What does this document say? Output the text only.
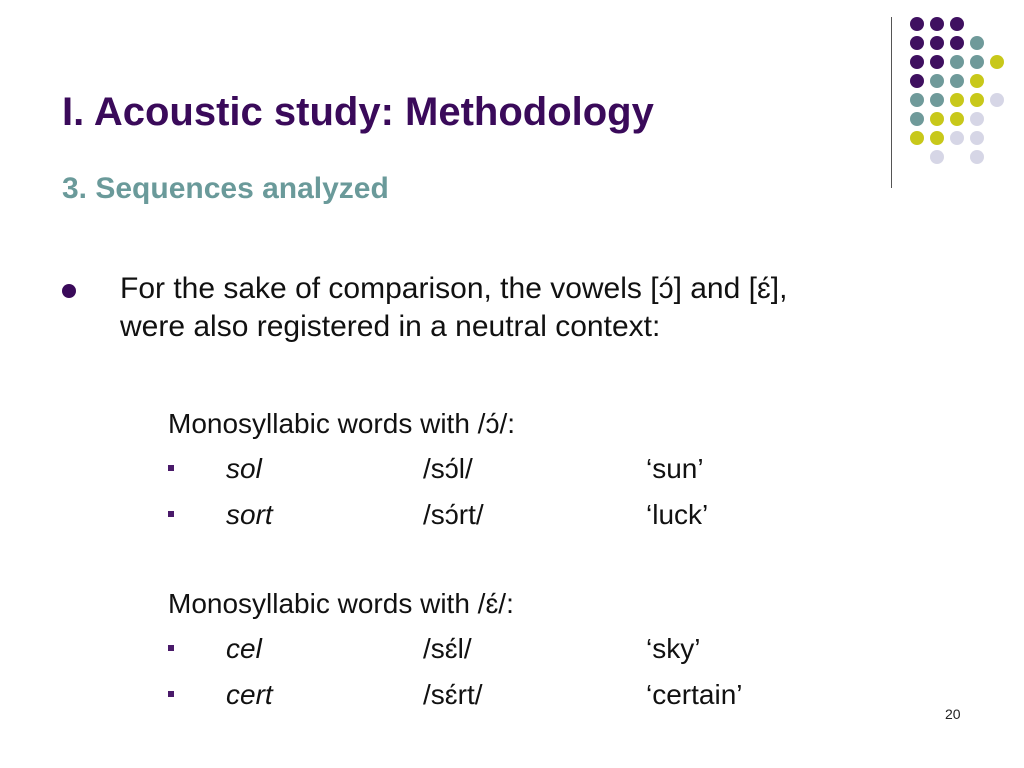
I. Acoustic study: Methodology
3. Sequences analyzed
For the sake of comparison, the vowels [ɔ́] and [ɛ́],
were also registered in a neutral context:
Monosyllabic words with /ɔ́/:
sol	/sɔ́l/	‘sun’
sort	/sɔ́rt/	‘luck’
Monosyllabic words with /ɛ́/:
cel	/sɛ́l/	‘sky’
cert	/sɛ́rt/	‘certain’
20
